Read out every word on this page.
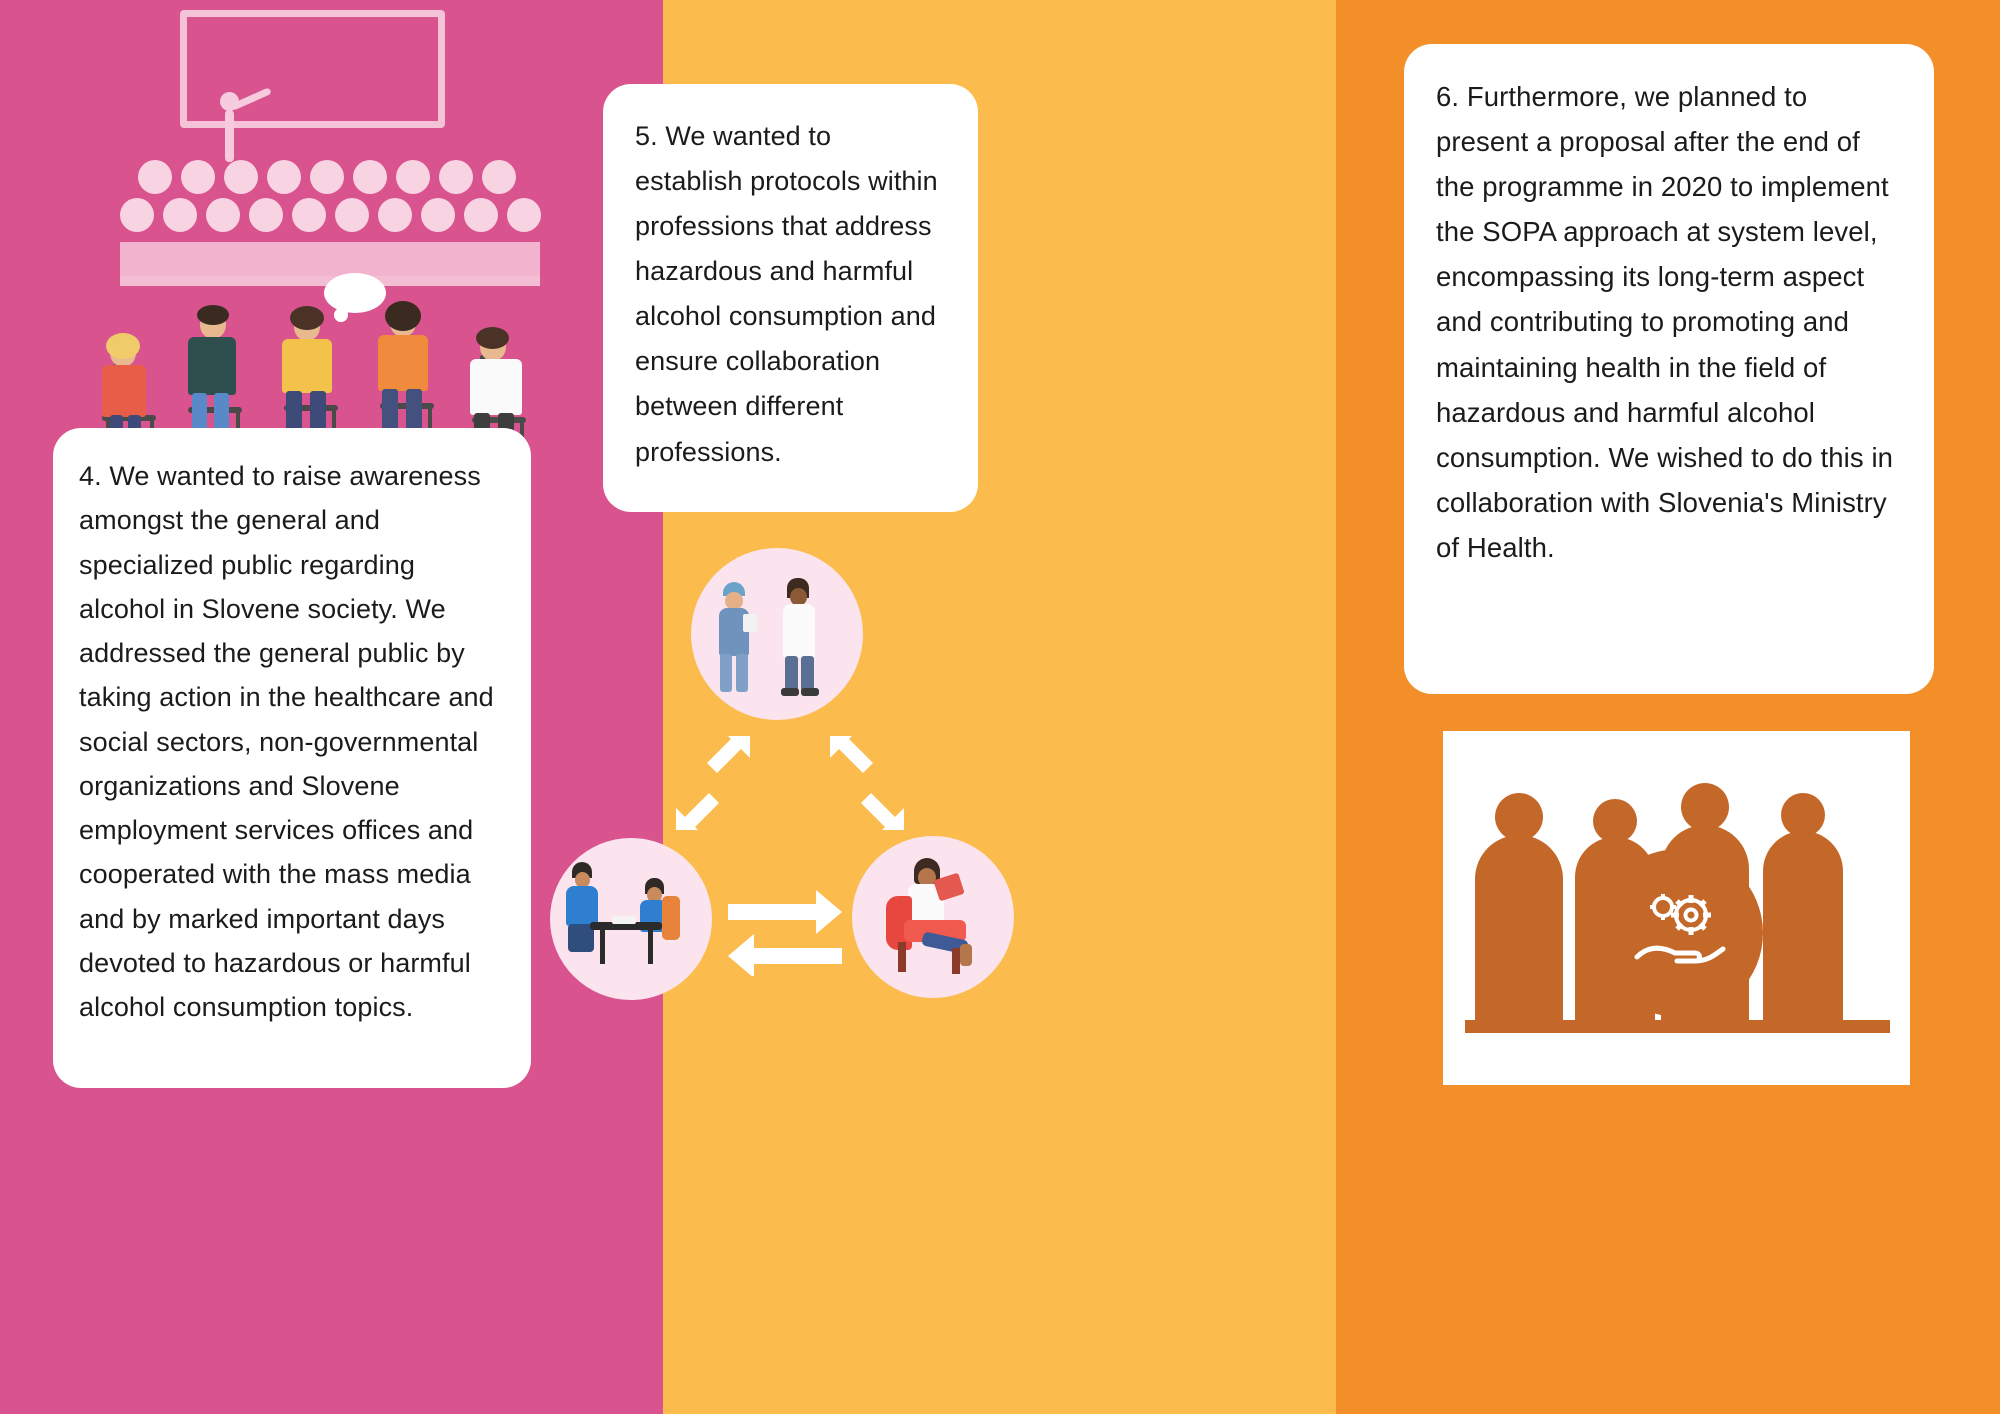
4. We wanted to raise awareness amongst the general and specialized public regarding alcohol in Slovene society. We addressed the general public by taking action in the healthcare and social sectors, non-governmental organizations and Slovene employment services offices and cooperated with the mass media and by marked important days devoted to hazardous or harmful alcohol consumption topics.

5. We wanted to establish protocols within professions that address hazardous and harmful alcohol consumption and ensure collaboration between different professions.

6. Furthermore, we planned to present a proposal after the end of the programme in 2020 to implement the SOPA approach at system level, encompassing its long-term aspect and contributing to promoting and maintaining health in the field of hazardous and harmful alcohol consumption. We wished to do this in collaboration with Slovenia's Ministry of Health.
